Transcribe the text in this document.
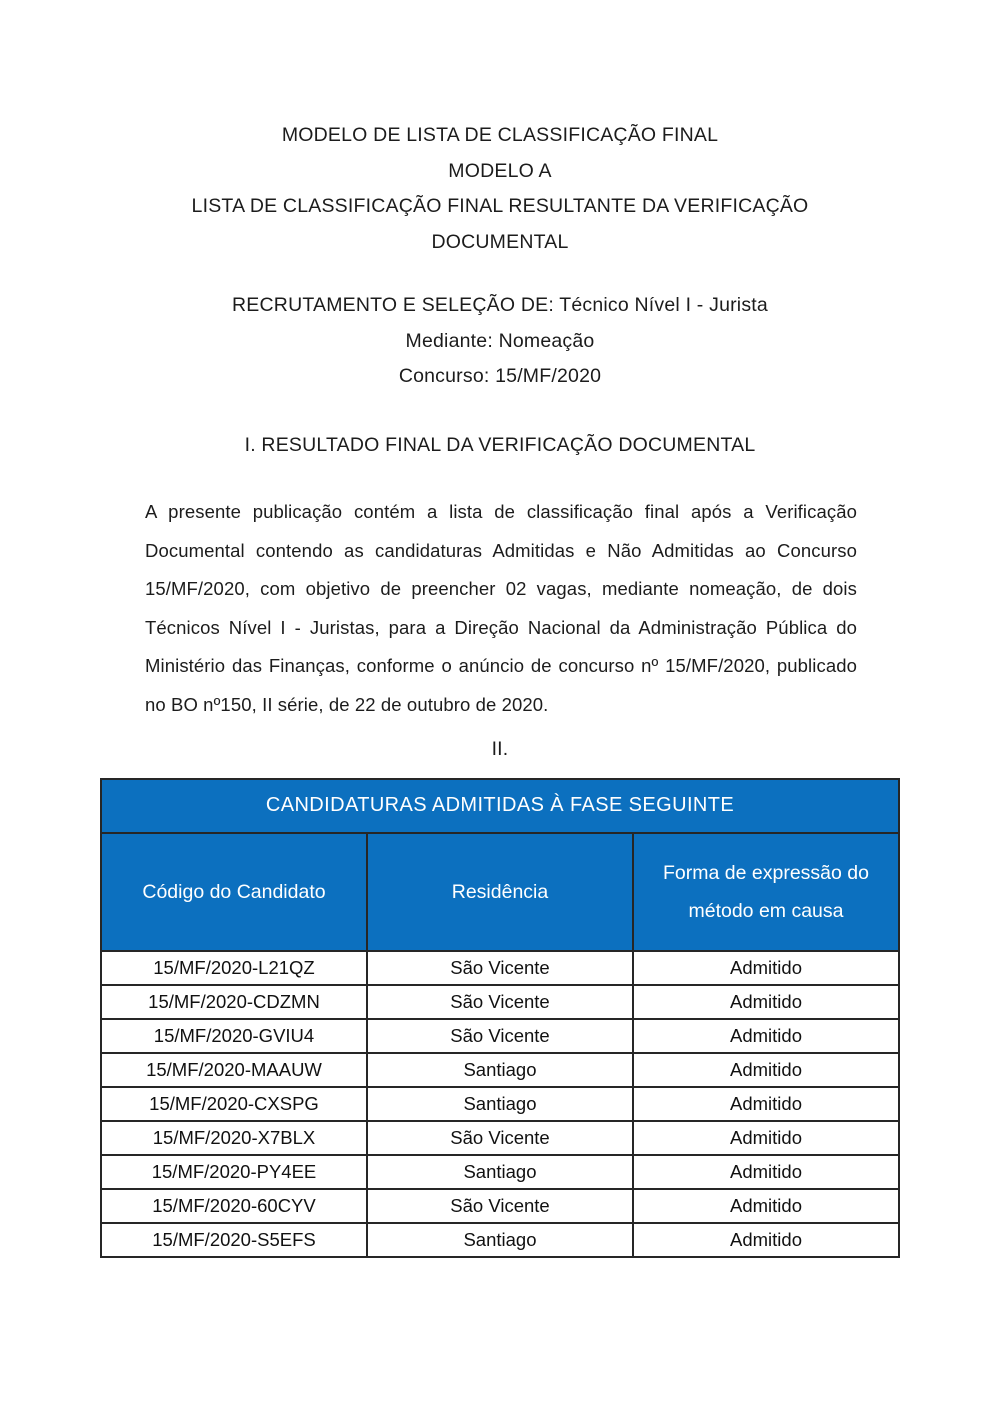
MODELO DE LISTA DE CLASSIFICAÇÃO FINAL
MODELO A
LISTA DE CLASSIFICAÇÃO FINAL RESULTANTE DA VERIFICAÇÃO DOCUMENTAL
RECRUTAMENTO E SELEÇÃO DE: Técnico Nível I - Jurista
Mediante: Nomeação
Concurso: 15/MF/2020
I. RESULTADO FINAL DA VERIFICAÇÃO DOCUMENTAL

A presente publicação contém a lista de classificação final após a Verificação Documental contendo as candidaturas Admitidas e Não Admitidas ao Concurso 15/MF/2020, com objetivo de preencher 02 vagas, mediante nomeação, de dois Técnicos Nível I - Juristas, para a Direção Nacional da Administração Pública do Ministério das Finanças, conforme o anúncio de concurso nº 15/MF/2020, publicado no BO nº150, II série, de 22 de outubro de 2020.

II.
CANDIDATURAS ADMITIDAS À FASE SEGUINTE		
Código do Candidato	Residência	Forma de expressão do método em causa
15/MF/2020-L21QZ	São Vicente	Admitido
15/MF/2020-CDZMN	São Vicente	Admitido
15/MF/2020-GVIU4	São Vicente	Admitido
15/MF/2020-MAAUW	Santiago	Admitido
15/MF/2020-CXSPG	Santiago	Admitido
15/MF/2020-X7BLX	São Vicente	Admitido
15/MF/2020-PY4EE	Santiago	Admitido
15/MF/2020-60CYV	São Vicente	Admitido
15/MF/2020-S5EFS	Santiago	Admitido
